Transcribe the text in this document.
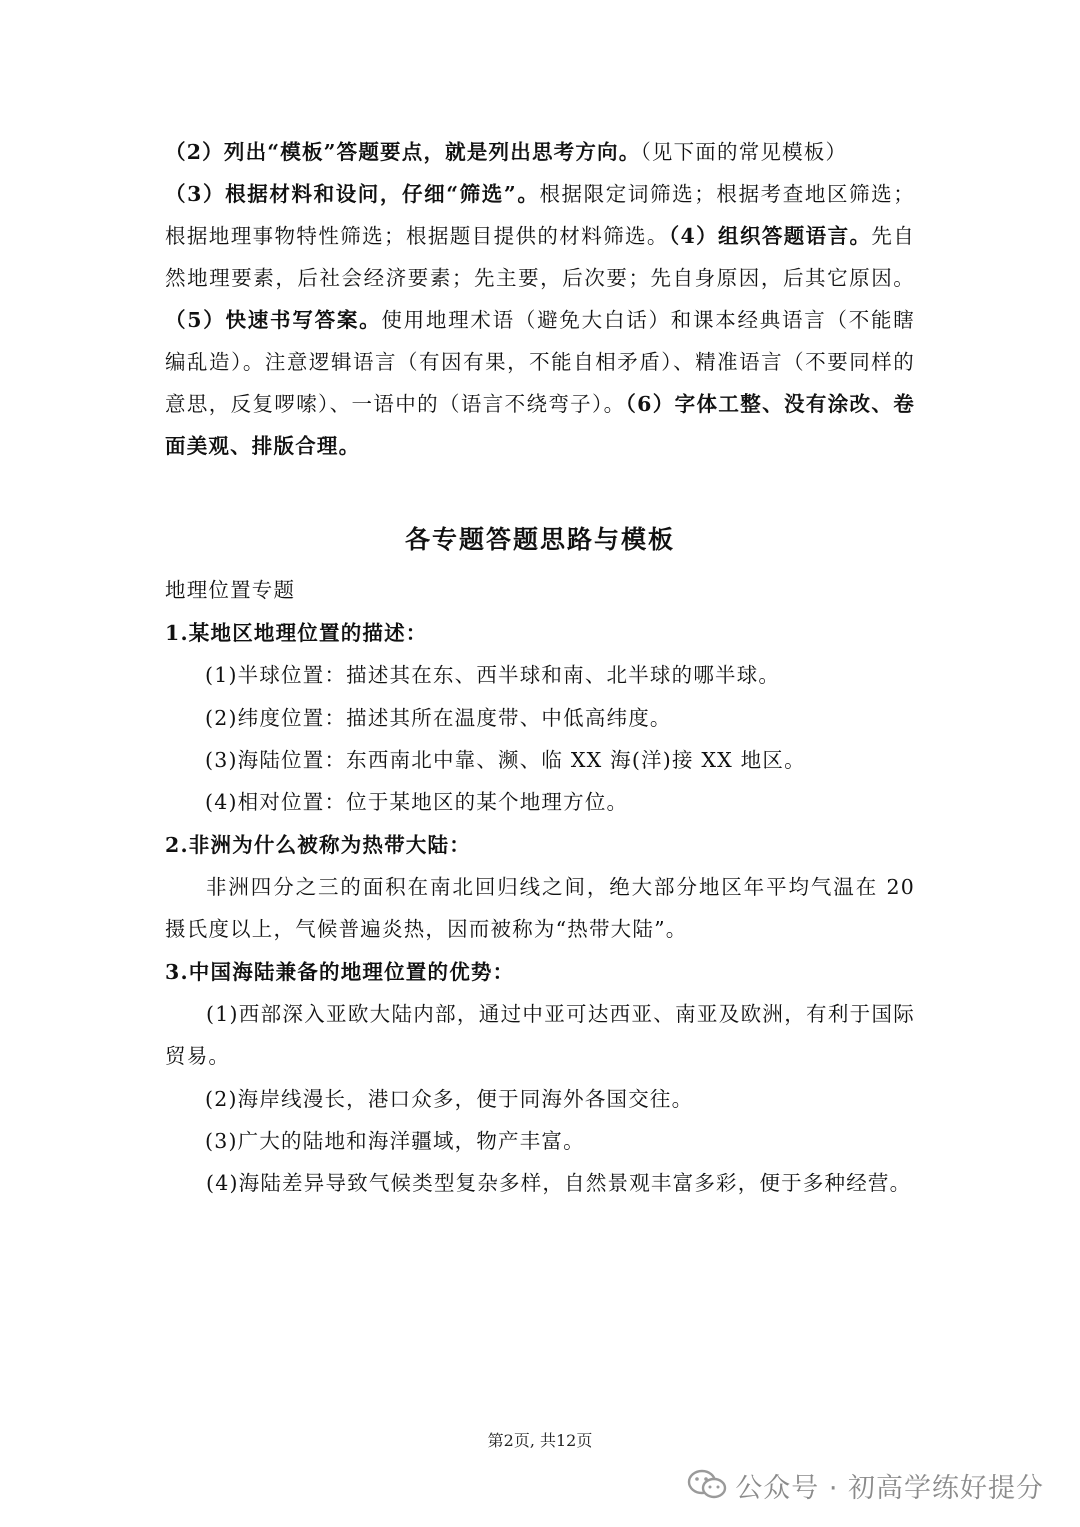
（2）列出“模板”答题要点，就是列出思考方向。（见下面的常见模板）

（3）根据材料和设问，仔细“筛选”。根据限定词筛选；根据考查地区筛选；根据地理事物特性筛选；根据题目提供的材料筛选。（4）组织答题语言。先自然地理要素，后社会经济要素；先主要，后次要；先自身原因，后其它原因。（5）快速书写答案。使用地理术语（避免大白话）和课本经典语言（不能瞎编乱造）。注意逻辑语言（有因有果，不能自相矛盾）、精准语言（不要同样的意思，反复啰嗦）、一语中的（语言不绕弯子）。（6）字体工整、没有涂改、卷面美观、排版合理。

各专题答题思路与模板

地理位置专题

1.某地区地理位置的描述：

(1)半球位置：描述其在东、西半球和南、北半球的哪半球。

(2)纬度位置：描述其所在温度带、中低高纬度。

(3)海陆位置：东西南北中靠、濒、临 XX 海(洋)接 XX 地区。

(4)相对位置：位于某地区的某个地理方位。

2.非洲为什么被称为热带大陆：

非洲四分之三的面积在南北回归线之间，绝大部分地区年平均气温在 20 摄氏度以上，气候普遍炎热，因而被称为“热带大陆”。

3.中国海陆兼备的地理位置的优势：

(1)西部深入亚欧大陆内部，通过中亚可达西亚、南亚及欧洲，有利于国际贸易。

(2)海岸线漫长，港口众多，便于同海外各国交往。

(3)广大的陆地和海洋疆域，物产丰富。

(4)海陆差异导致气候类型复杂多样，自然景观丰富多彩，便于多种经营。

第2页, 共12页

公众号 · 初高学练好提分
